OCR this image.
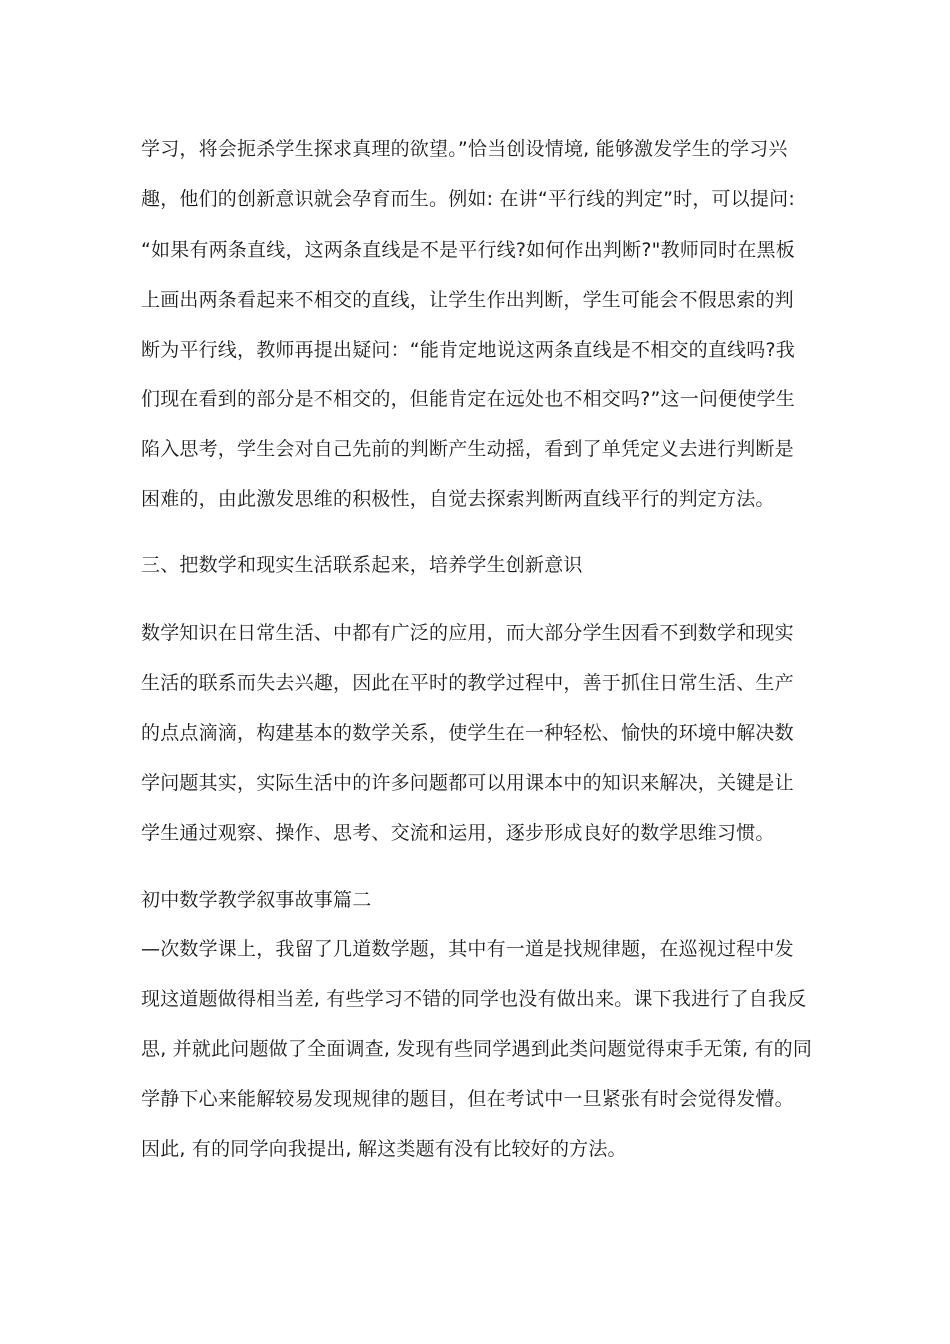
学习，将会扼杀学生探求真理的欲望。”恰当创设情境, 能够激发学生的学习兴
趣，他们的创新意识就会孕育而生。例如: 在讲“平行线的判定”时，可以提问:
“如果有两条直线，这两条直线是不是平行线?如何作出判断?"教师同时在黑板
上画出两条看起来不相交的直线，让学生作出判断，学生可能会不假思索的判
断为平行线，教师再提出疑问：“能肯定地说这两条直线是不相交的直线吗?我
们现在看到的部分是不相交的，但能肯定在远处也不相交吗?”这一问便使学生
陷入思考，学生会对自己先前的判断产生动摇，看到了单凭定义去进行判断是
困难的，由此激发思维的积极性，自觉去探索判断两直线平行的判定方法。
三、把数学和现实生活联系起来，培养学生创新意识
数学知识在日常生活、中都有广泛的应用，而大部分学生因看不到数学和现实
生活的联系而失去兴趣，因此在平时的教学过程中，善于抓住日常生活、生产
的点点滴滴，构建基本的数学关系，使学生在一种轻松、愉快的环境中解决数
学问题其实，实际生活中的许多问题都可以用课本中的知识来解决，关键是让
学生通过观察、操作、思考、交流和运用，逐步形成良好的数学思维习惯。
初中数学教学叙事故事篇二
—次数学课上，我留了几道数学题，其中有一道是找规律题，在巡视过程中发
现这道题做得相当差, 有些学习不错的同学也没有做出来。课下我进行了自我反
思, 并就此问题做了全面调查, 发现有些同学遇到此类问题觉得束手无策, 有的同
学静下心来能解较易发现规律的题目，但在考试中一旦紧张有时会觉得发懵。
因此, 有的同学向我提出, 解这类题有没有比较好的方法。
